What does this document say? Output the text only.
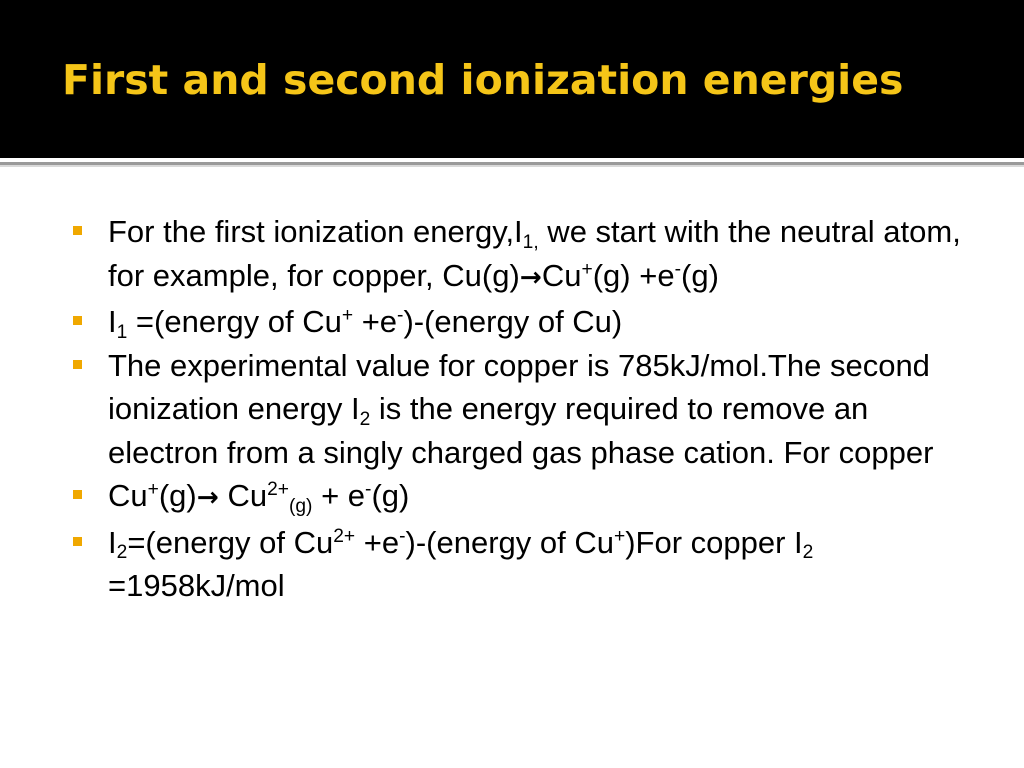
First and second ionization energies
For the first ionization $energy,I_{1,}$ we start with the neutral atom, for example, for copper, Cu(g)→Cu+(g) +e-(g)
$I_1$ =(energy of Cu+ +e-)-(energy of Cu)
The experimental value for copper is 785kJ/mol.The second ionization energy $I_2$ is the energy required to remove an electron from a singly charged gas phase cation. For copper
$Cu^+(g)\to Cu^{2+}_{(g)} + e^-(g)$
$I_2=(energy$ of $Cu^{2+}$ +e-)-(energy of Cu+)For copper $I_2 =1958kJ/mol$
